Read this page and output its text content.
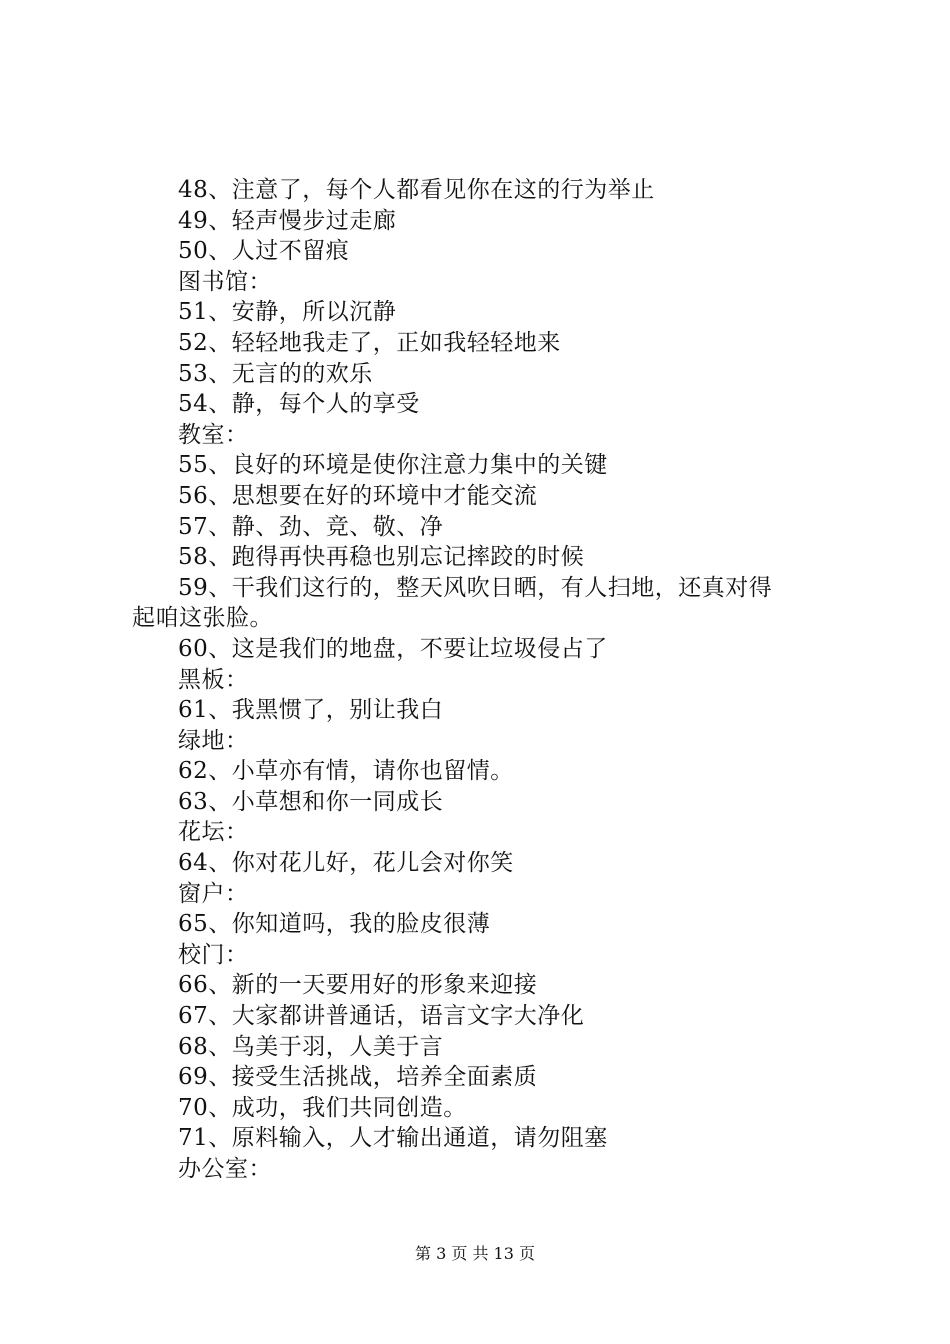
48、注意了，每个人都看见你在这的行为举止
49、轻声慢步过走廊
50、人过不留痕
图书馆：
51、安静，所以沉静
52、轻轻地我走了，正如我轻轻地来
53、无言的的欢乐
54、静，每个人的享受
教室：
55、良好的环境是使你注意力集中的关键
56、思想要在好的环境中才能交流
57、静、劲、竞、敬、净
58、跑得再快再稳也别忘记摔跤的时候
59、干我们这行的，整天风吹日晒，有人扫地，还真对得
起咱这张脸。
60、这是我们的地盘，不要让垃圾侵占了
黑板：
61、我黑惯了，别让我白
绿地：
62、小草亦有情，请你也留情。
63、小草想和你一同成长
花坛：
64、你对花儿好，花儿会对你笑
窗户：
65、你知道吗，我的脸皮很薄
校门：
66、新的一天要用好的形象来迎接
67、大家都讲普通话，语言文字大净化
68、鸟美于羽，人美于言
69、接受生活挑战，培养全面素质
70、成功，我们共同创造。
71、原料输入，人才输出通道，请勿阻塞
办公室：
第 3 页 共 13 页
